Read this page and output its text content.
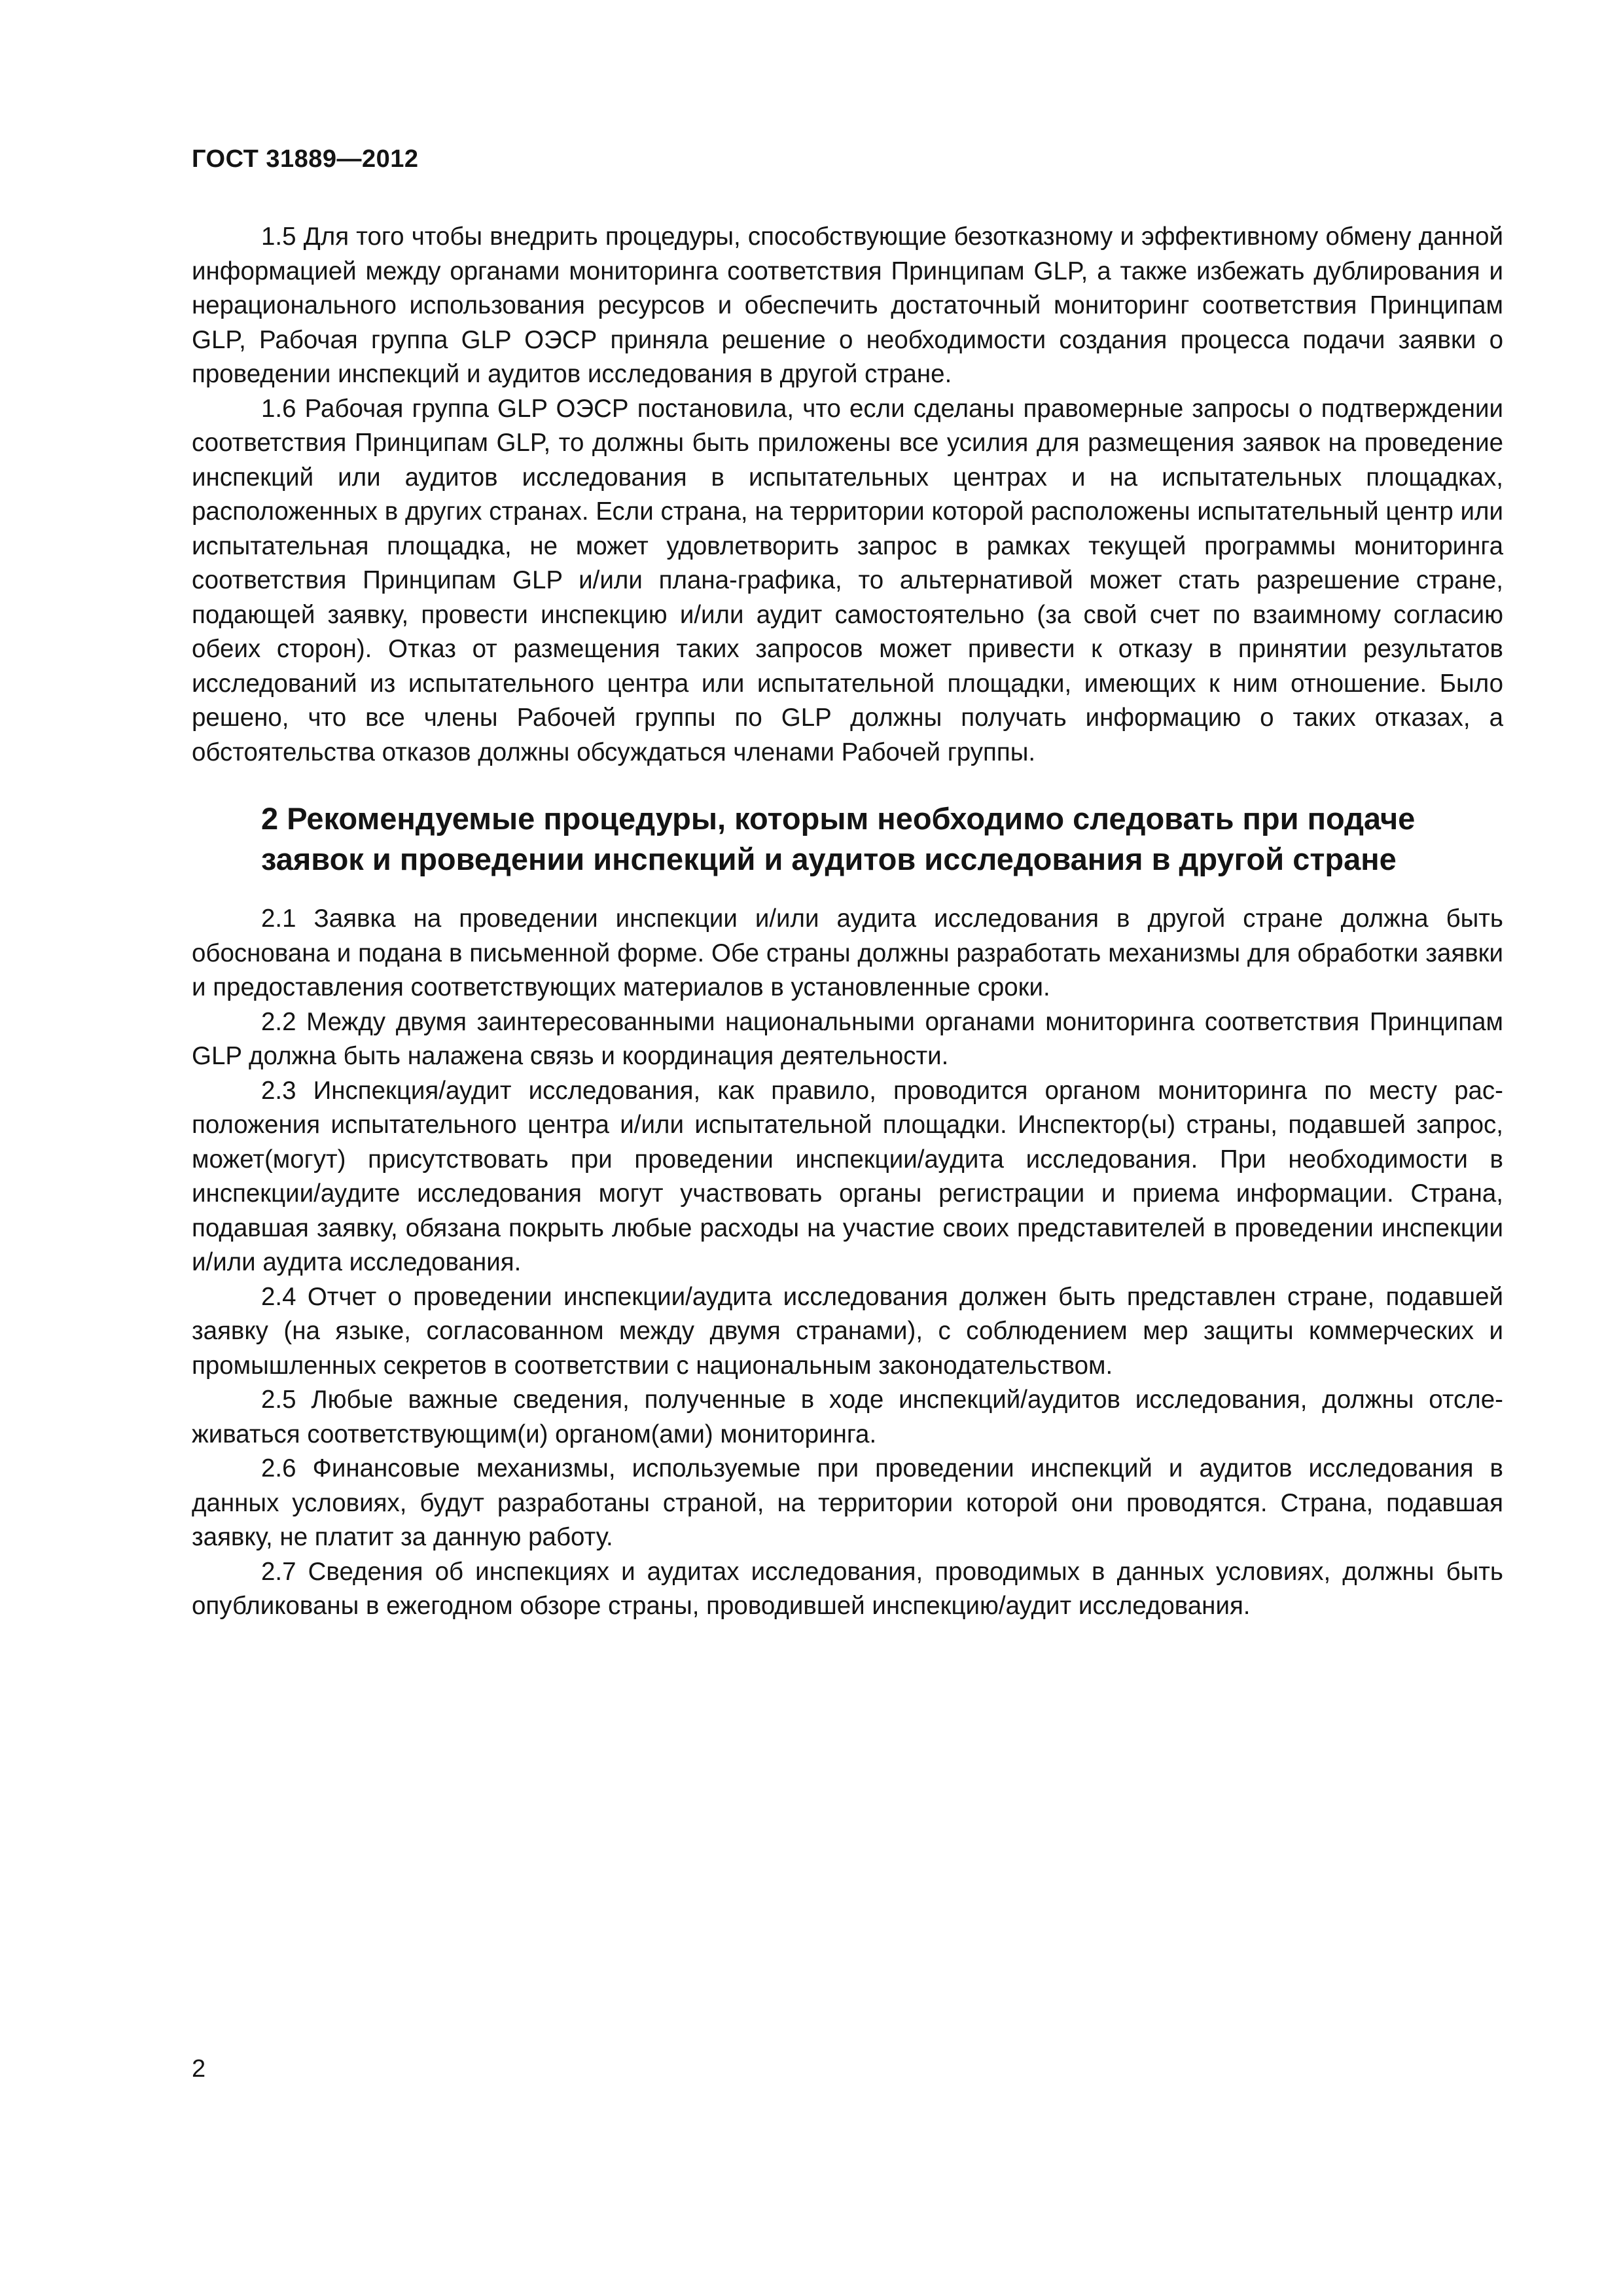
ГОСТ 31889—2012

1.5 Для того чтобы внедрить процедуры, способствующие безотказному и эффективному обмену данной информацией между органами мониторинга соответствия Принципам GLP, а также избежать дублирования и нерационального использования ресурсов и обеспечить достаточный мониторинг соответствия Принципам GLP, Рабочая группа GLP ОЭСР приняла решение о необходимости создания процесса подачи заявки о проведении инспекций и аудитов исследования в другой стране.

1.6 Рабочая группа GLP ОЭСР постановила, что если сделаны правомерные запросы о подтверждении соответствия Принципам GLP, то должны быть приложены все усилия для размещения заявок на проведение инспекций или аудитов исследования в испытательных центрах и на испытательных площадках, расположенных в других странах. Если страна, на территории которой расположены испытательный центр или испытательная площадка, не может удовлетворить запрос в рамках текущей программы мониторинга соответствия Принципам GLP и/или плана-графика, то альтернативой может стать разрешение стране, подающей заявку, провести инспекцию и/или аудит самостоятельно (за свой счет по взаимному согласию обеих сторон). Отказ от размещения таких запросов может привести к отказу в принятии результатов исследований из испытательного центра или испытательной площадки, имеющих к ним отношение. Было решено, что все члены Рабочей группы по GLP должны получать информацию о таких отказах, а обстоятельства отказов должны обсуждаться членами Рабочей группы.

2 Рекомендуемые процедуры, которым необходимо следовать при подаче заявок и проведении инспекций и аудитов исследования в другой стране

2.1 Заявка на проведении инспекции и/или аудита исследования в другой стране должна быть обоснована и подана в письменной форме. Обе страны должны разработать механизмы для обработки заявки и предоставления соответствующих материалов в установленные сроки.

2.2 Между двумя заинтересованными национальными органами мониторинга соответствия Принципам GLP должна быть налажена связь и координация деятельности.

2.3 Инспекция/аудит исследования, как правило, проводится органом мониторинга по месту расположения испытательного центра и/или испытательной площадки. Инспектор(ы) страны, подавшей запрос, может(могут) присутствовать при проведении инспекции/аудита исследования. При необходимости в инспекции/аудите исследования могут участвовать органы регистрации и приема информации. Страна, подавшая заявку, обязана покрыть любые расходы на участие своих представителей в проведении инспекции и/или аудита исследования.

2.4 Отчет о проведении инспекции/аудита исследования должен быть представлен стране, подавшей заявку (на языке, согласованном между двумя странами), с соблюдением мер защиты коммерческих и промышленных секретов в соответствии с национальным законодательством.

2.5 Любые важные сведения, полученные в ходе инспекций/аудитов исследования, должны отслеживаться соответствующим(и) органом(ами) мониторинга.

2.6 Финансовые механизмы, используемые при проведении инспекций и аудитов исследования в данных условиях, будут разработаны страной, на территории которой они проводятся. Страна, подавшая заявку, не платит за данную работу.

2.7 Сведения об инспекциях и аудитах исследования, проводимых в данных условиях, должны быть опубликованы в ежегодном обзоре страны, проводившей инспекцию/аудит исследования.

2
